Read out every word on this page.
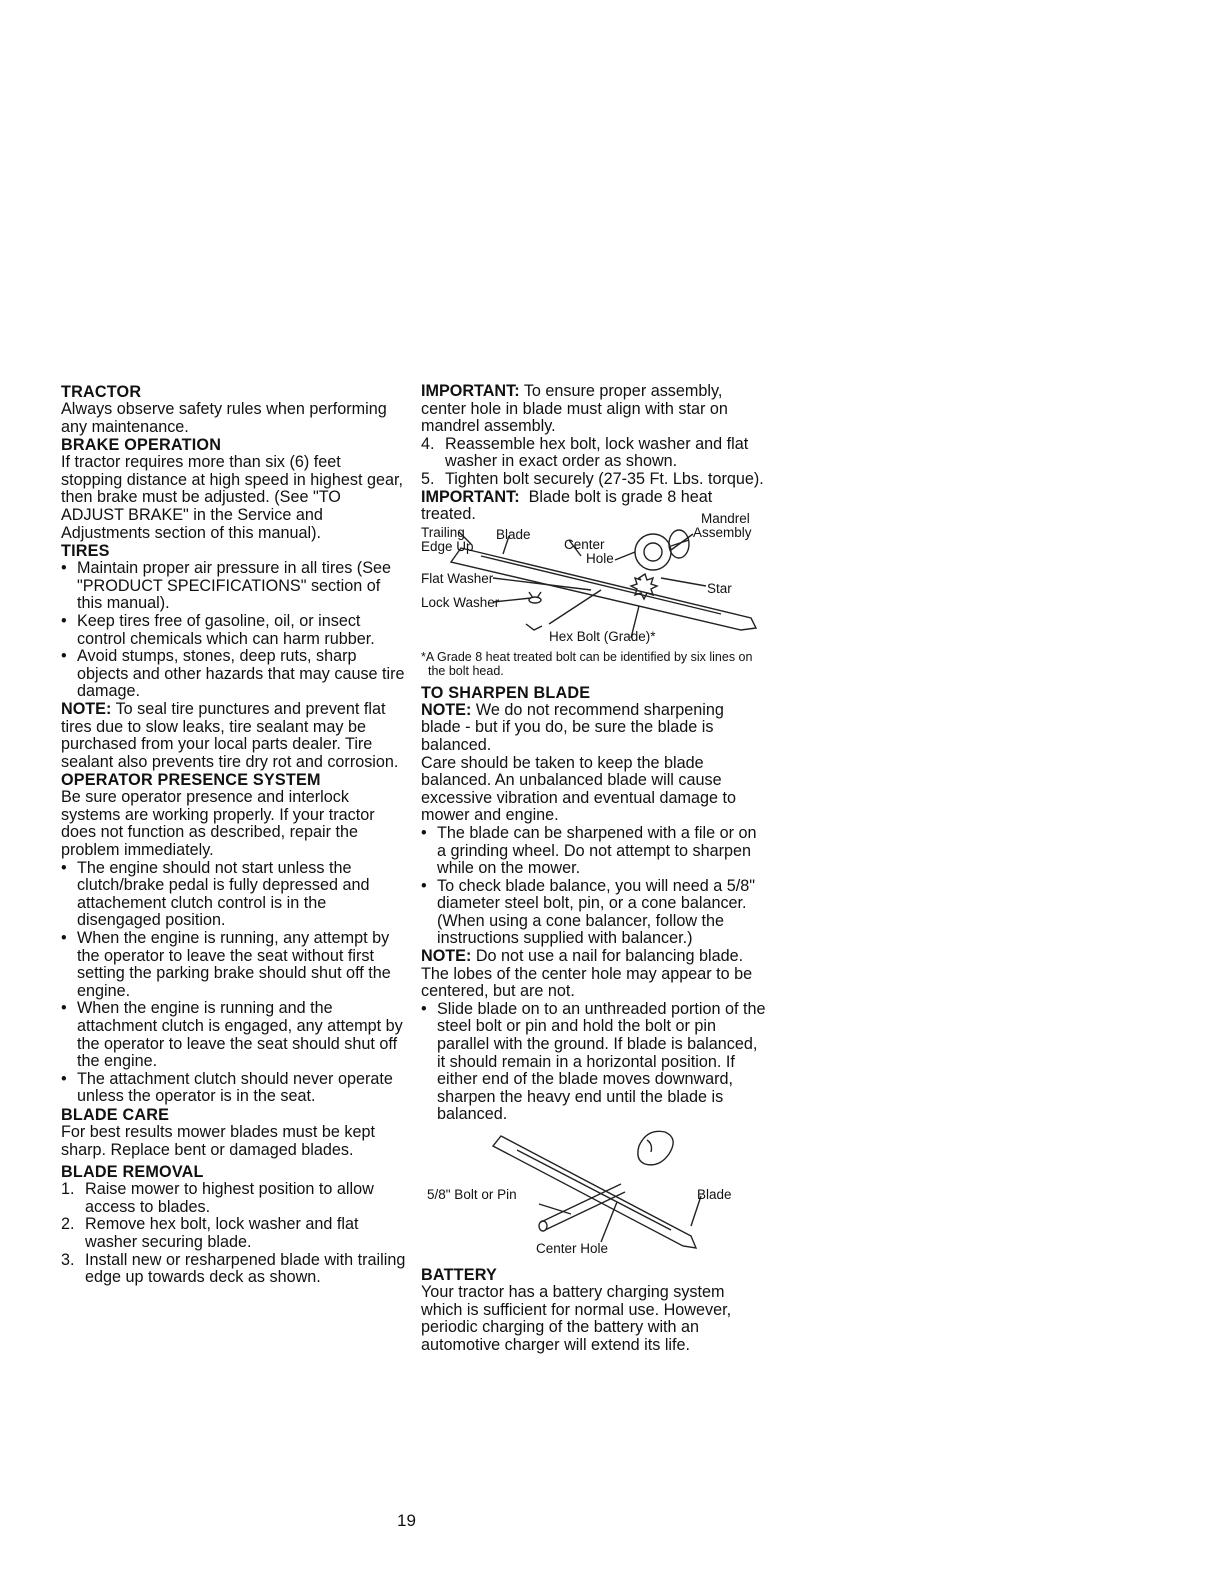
TRACTOR

Always observe safety rules when performing any maintenance.

BRAKE OPERATION

If tractor requires more than six (6) feet stopping distance at high speed in highest gear, then brake must be adjusted. (See "TO ADJUST BRAKE" in the Service and Adjustments section of this manual).

TIRES
• Maintain proper air pressure in all tires (See "PRODUCT SPECIFICATIONS" section of this manual).
• Keep tires free of gasoline, oil, or insect control chemicals which can harm rubber.
• Avoid stumps, stones, deep ruts, sharp objects and other hazards that may cause tire damage.

NOTE: To seal tire punctures and prevent flat tires due to slow leaks, tire sealant may be purchased from your local parts dealer. Tire sealant also prevents tire dry rot and corrosion.

OPERATOR PRESENCE SYSTEM

Be sure operator presence and interlock systems are working properly. If your tractor does not function as described, repair the problem immediately.

• The engine should not start unless the clutch/brake pedal is fully depressed and attachement clutch control is in the disengaged position.
• When the engine is running, any attempt by the operator to leave the seat without first setting the parking brake should shut off the engine.
• When the engine is running and the attachment clutch is engaged, any attempt by the operator to leave the seat should shut off the engine.
• The attachment clutch should never operate unless the operator is in the seat.
BLADE CARE

For best results mower blades must be kept sharp. Replace bent or damaged blades.

BLADE REMOVAL
1. Raise mower to highest position to allow access to blades.
2. Remove hex bolt, lock washer and flat washer securing blade.
3. Install new or resharpened blade with trailing edge up towards deck as shown.

IMPORTANT: To ensure proper assembly, center hole in blade must align with star on mandrel assembly.

4. Reassemble hex bolt, lock washer and flat washer in exact order as shown.
5. Tighten bolt securely (27-35 Ft. Lbs. torque).

IMPORTANT: Blade bolt is grade 8 heat treated.

Trailing
Edge Up
Blade
Center
Hole
Mandrel
Assembly
Flat Washer
Lock Washer
Star
Hex Bolt (Grade)*

*A Grade 8 heat treated bolt can be identified by six lines on the bolt head.

TO SHARPEN BLADE

NOTE: We do not recommend sharpening blade - but if you do, be sure the blade is balanced.

Care should be taken to keep the blade balanced. An unbalanced blade will cause excessive vibration and eventual damage to mower and engine.

• The blade can be sharpened with a file or on a grinding wheel. Do not attempt to sharpen while on the mower.
• To check blade balance, you will need a 5/8" diameter steel bolt, pin, or a cone balancer. (When using a cone balancer, follow the instructions supplied with balancer.)

NOTE: Do not use a nail for balancing blade. The lobes of the center hole may appear to be centered, but are not.

• Slide blade on to an unthreaded portion of the steel bolt or pin and hold the bolt or pin parallel with the ground. If blade is balanced, it should remain in a horizontal position. If either end of the blade moves downward, sharpen the heavy end until the blade is balanced.
5/8" Bolt or Pin	Blade
Center Hole
BATTERY

Your tractor has a battery charging system which is sufficient for normal use. However, periodic charging of the battery with an automotive charger will extend its life.

19
